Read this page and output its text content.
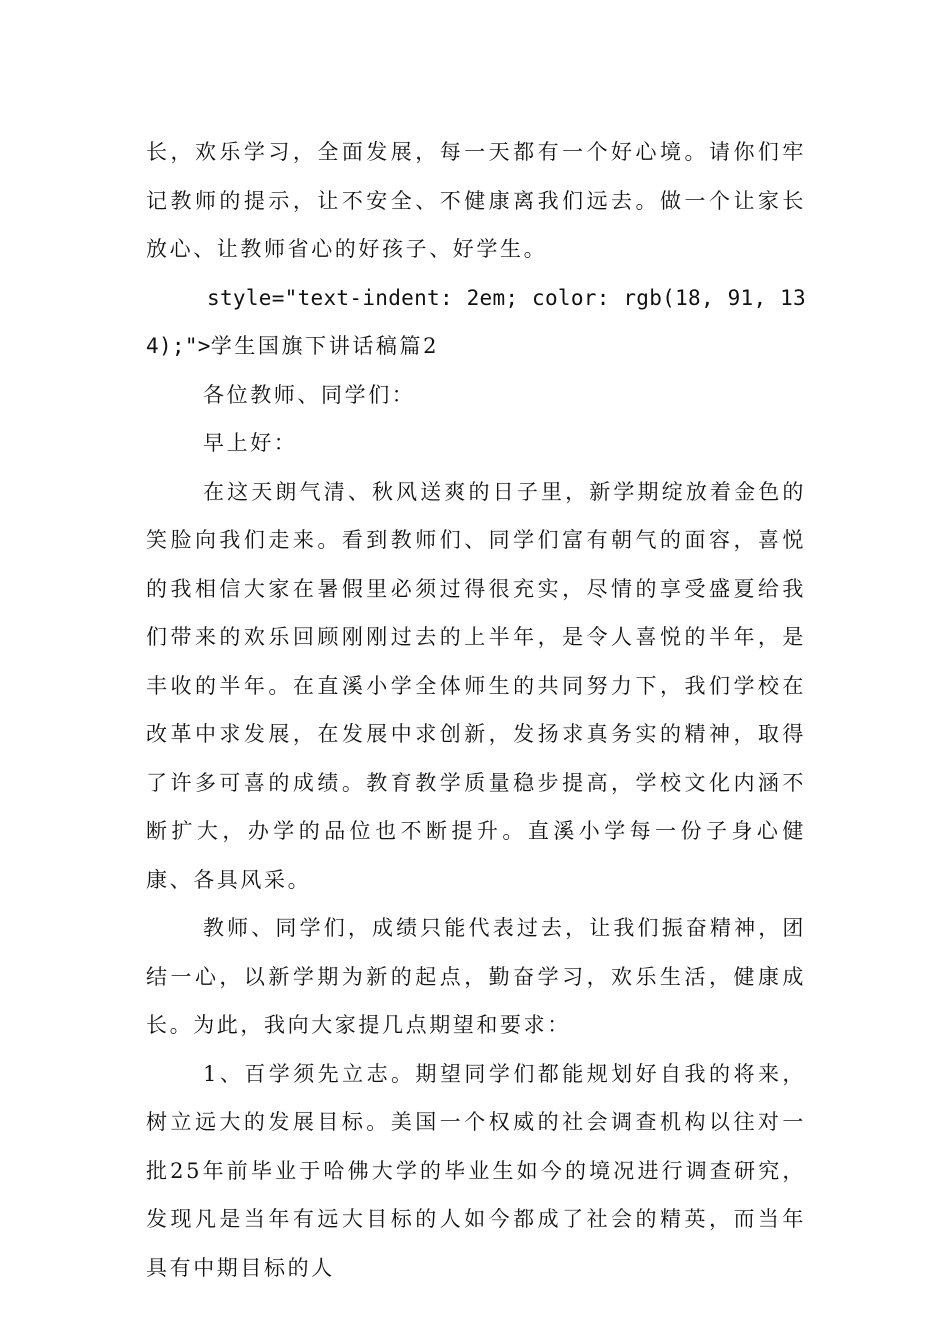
长，欢乐学习，全面发展，每一天都有一个好心境。请你们牢记教师的提示，让不安全、不健康离我们远去。做一个让家长放心、让教师省心的好孩子、好学生。

style="text-indent: 2em; color: rgb(18, 91, 134);">学生国旗下讲话稿篇2

各位教师、同学们：

早上好：

在这天朗气清、秋风送爽的日子里，新学期绽放着金色的笑脸向我们走来。看到教师们、同学们富有朝气的面容，喜悦的我相信大家在暑假里必须过得很充实，尽情的享受盛夏给我们带来的欢乐回顾刚刚过去的上半年，是令人喜悦的半年，是丰收的半年。在直溪小学全体师生的共同努力下，我们学校在改革中求发展，在发展中求创新，发扬求真务实的精神，取得了许多可喜的成绩。教育教学质量稳步提高，学校文化内涵不断扩大，办学的品位也不断提升。直溪小学每一份子身心健康、各具风采。

教师、同学们，成绩只能代表过去，让我们振奋精神，团结一心，以新学期为新的起点，勤奋学习，欢乐生活，健康成长。为此，我向大家提几点期望和要求：

1、百学须先立志。期望同学们都能规划好自我的将来，树立远大的发展目标。美国一个权威的社会调查机构以往对一批25年前毕业于哈佛大学的毕业生如今的境况进行调查研究，发现凡是当年有远大目标的人如今都成了社会的精英，而当年具有中期目标的人
